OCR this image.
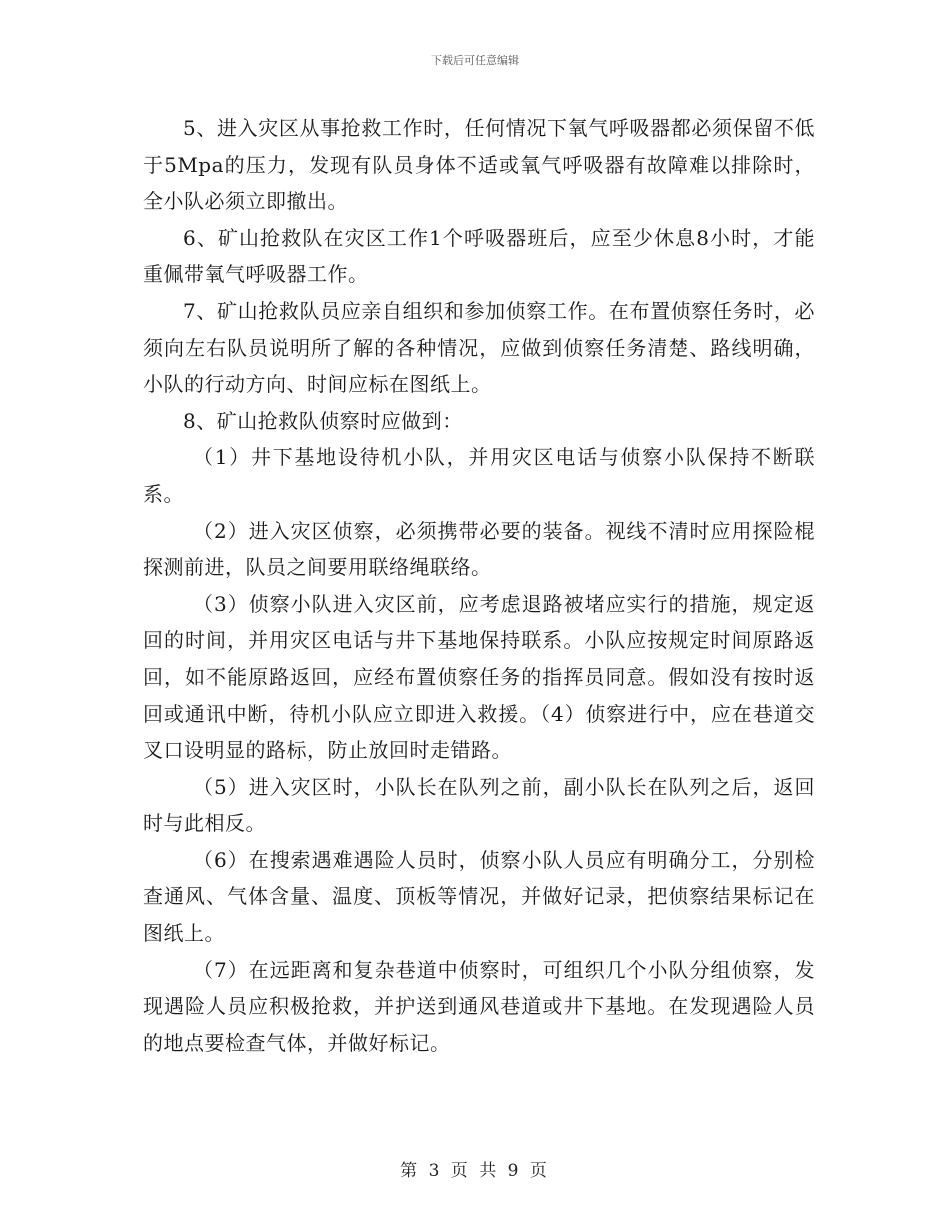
下载后可任意编辑

5、进入灾区从事抢救工作时，任何情况下氧气呼吸器都必须保留不低于5Mpa的压力，发现有队员身体不适或氧气呼吸器有故障难以排除时，全小队必须立即撤出。

6、矿山抢救队在灾区工作1个呼吸器班后，应至少休息8小时，才能重佩带氧气呼吸器工作。

7、矿山抢救队员应亲自组织和参加侦察工作。在布置侦察任务时，必须向左右队员说明所了解的各种情况，应做到侦察任务清楚、路线明确，小队的行动方向、时间应标在图纸上。

8、矿山抢救队侦察时应做到：

（1）井下基地设待机小队，并用灾区电话与侦察小队保持不断联系。

（2）进入灾区侦察，必须携带必要的装备。视线不清时应用探险棍探测前进，队员之间要用联络绳联络。

（3）侦察小队进入灾区前，应考虑退路被堵应实行的措施，规定返回的时间，并用灾区电话与井下基地保持联系。小队应按规定时间原路返回，如不能原路返回，应经布置侦察任务的指挥员同意。假如没有按时返回或通讯中断，待机小队应立即进入救援。（4）侦察进行中，应在巷道交叉口设明显的路标，防止放回时走错路。

（5）进入灾区时，小队长在队列之前，副小队长在队列之后，返回时与此相反。

（6）在搜索遇难遇险人员时，侦察小队人员应有明确分工，分别检查通风、气体含量、温度、顶板等情况，并做好记录，把侦察结果标记在图纸上。

（7）在远距离和复杂巷道中侦察时，可组织几个小队分组侦察，发现遇险人员应积极抢救，并护送到通风巷道或井下基地。在发现遇险人员的地点要检查气体，并做好标记。

第 3 页 共 9 页
